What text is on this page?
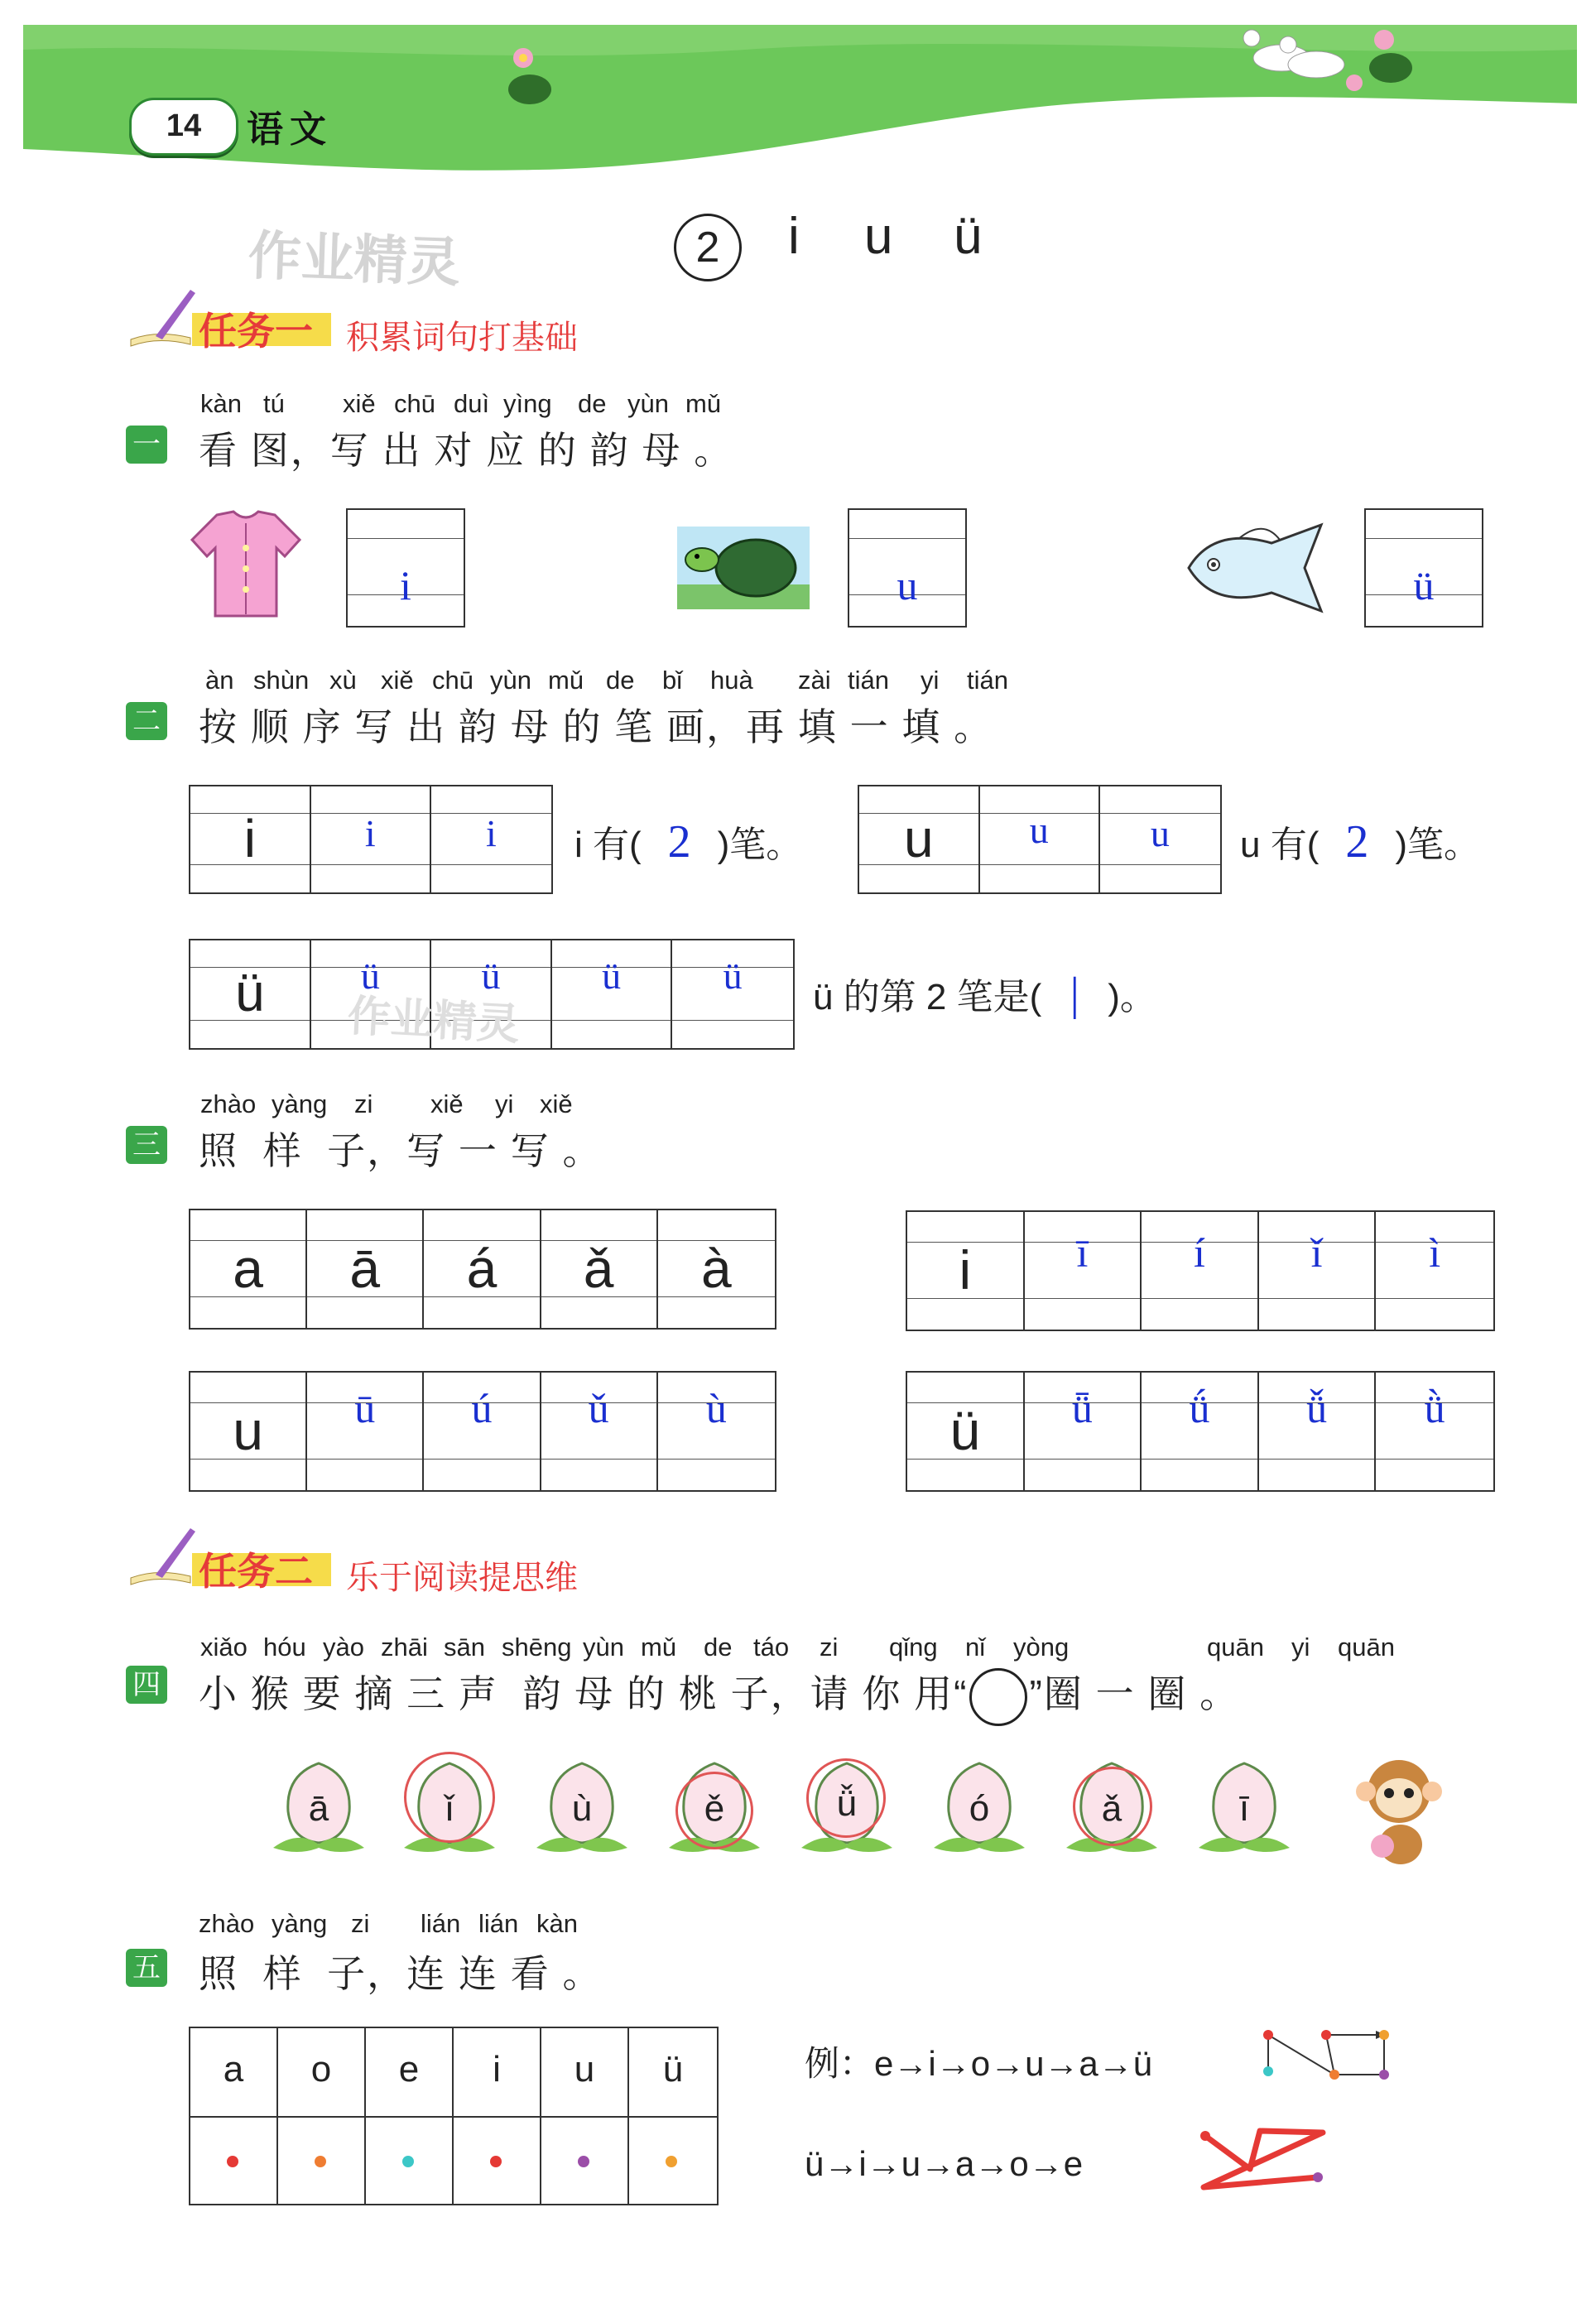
14	语文
作业精灵	2	i u ü
任务一 积累词句打基础
一
kàn tú xiě chū duì yìng de yùn mǔ
看 图，写 出 对 应 的 韵 母 。
i	u	ü
二
àn shùn xù xiě chū yùn mǔ de bǐ huà zài tián yi tián
按 顺 序 写 出 韵 母 的 笔 画，再 填 一 填 。
i	i	i	i 有( 2 )笔。	u	u	u	u 有( 2 )笔。
ü	ü	ü	ü	ü
作业精灵	ü 的第 2 笔是( | )。
三
zhào yàng zi xiě yi xiě
照 样 子，写 一 写 。
a	ā	á	ǎ	à	i	ī	í	ǐ	ì
u	ū	ú	ǔ	ù	ü	ǖ	ǘ	ǚ	ǜ
任务二 乐于阅读提思维
四
xiǎo hóu yào zhāi sān shēng yùn mǔ de táo zi qǐng nǐ yòng	quān yi quān
小 猴 要 摘 三 声 韵 母 的 桃 子，请 你 用“ ”圈 一 圈 。
ā	ǐ	ù	ě	ǚ	ó	ǎ	ī
五
zhào yàng zi lián lián kàn
照 样 子，连 连 看 。
a	o	e	i	u	ü	例：e→i→o→u→a→ü
ü→i→u→a→o→e
